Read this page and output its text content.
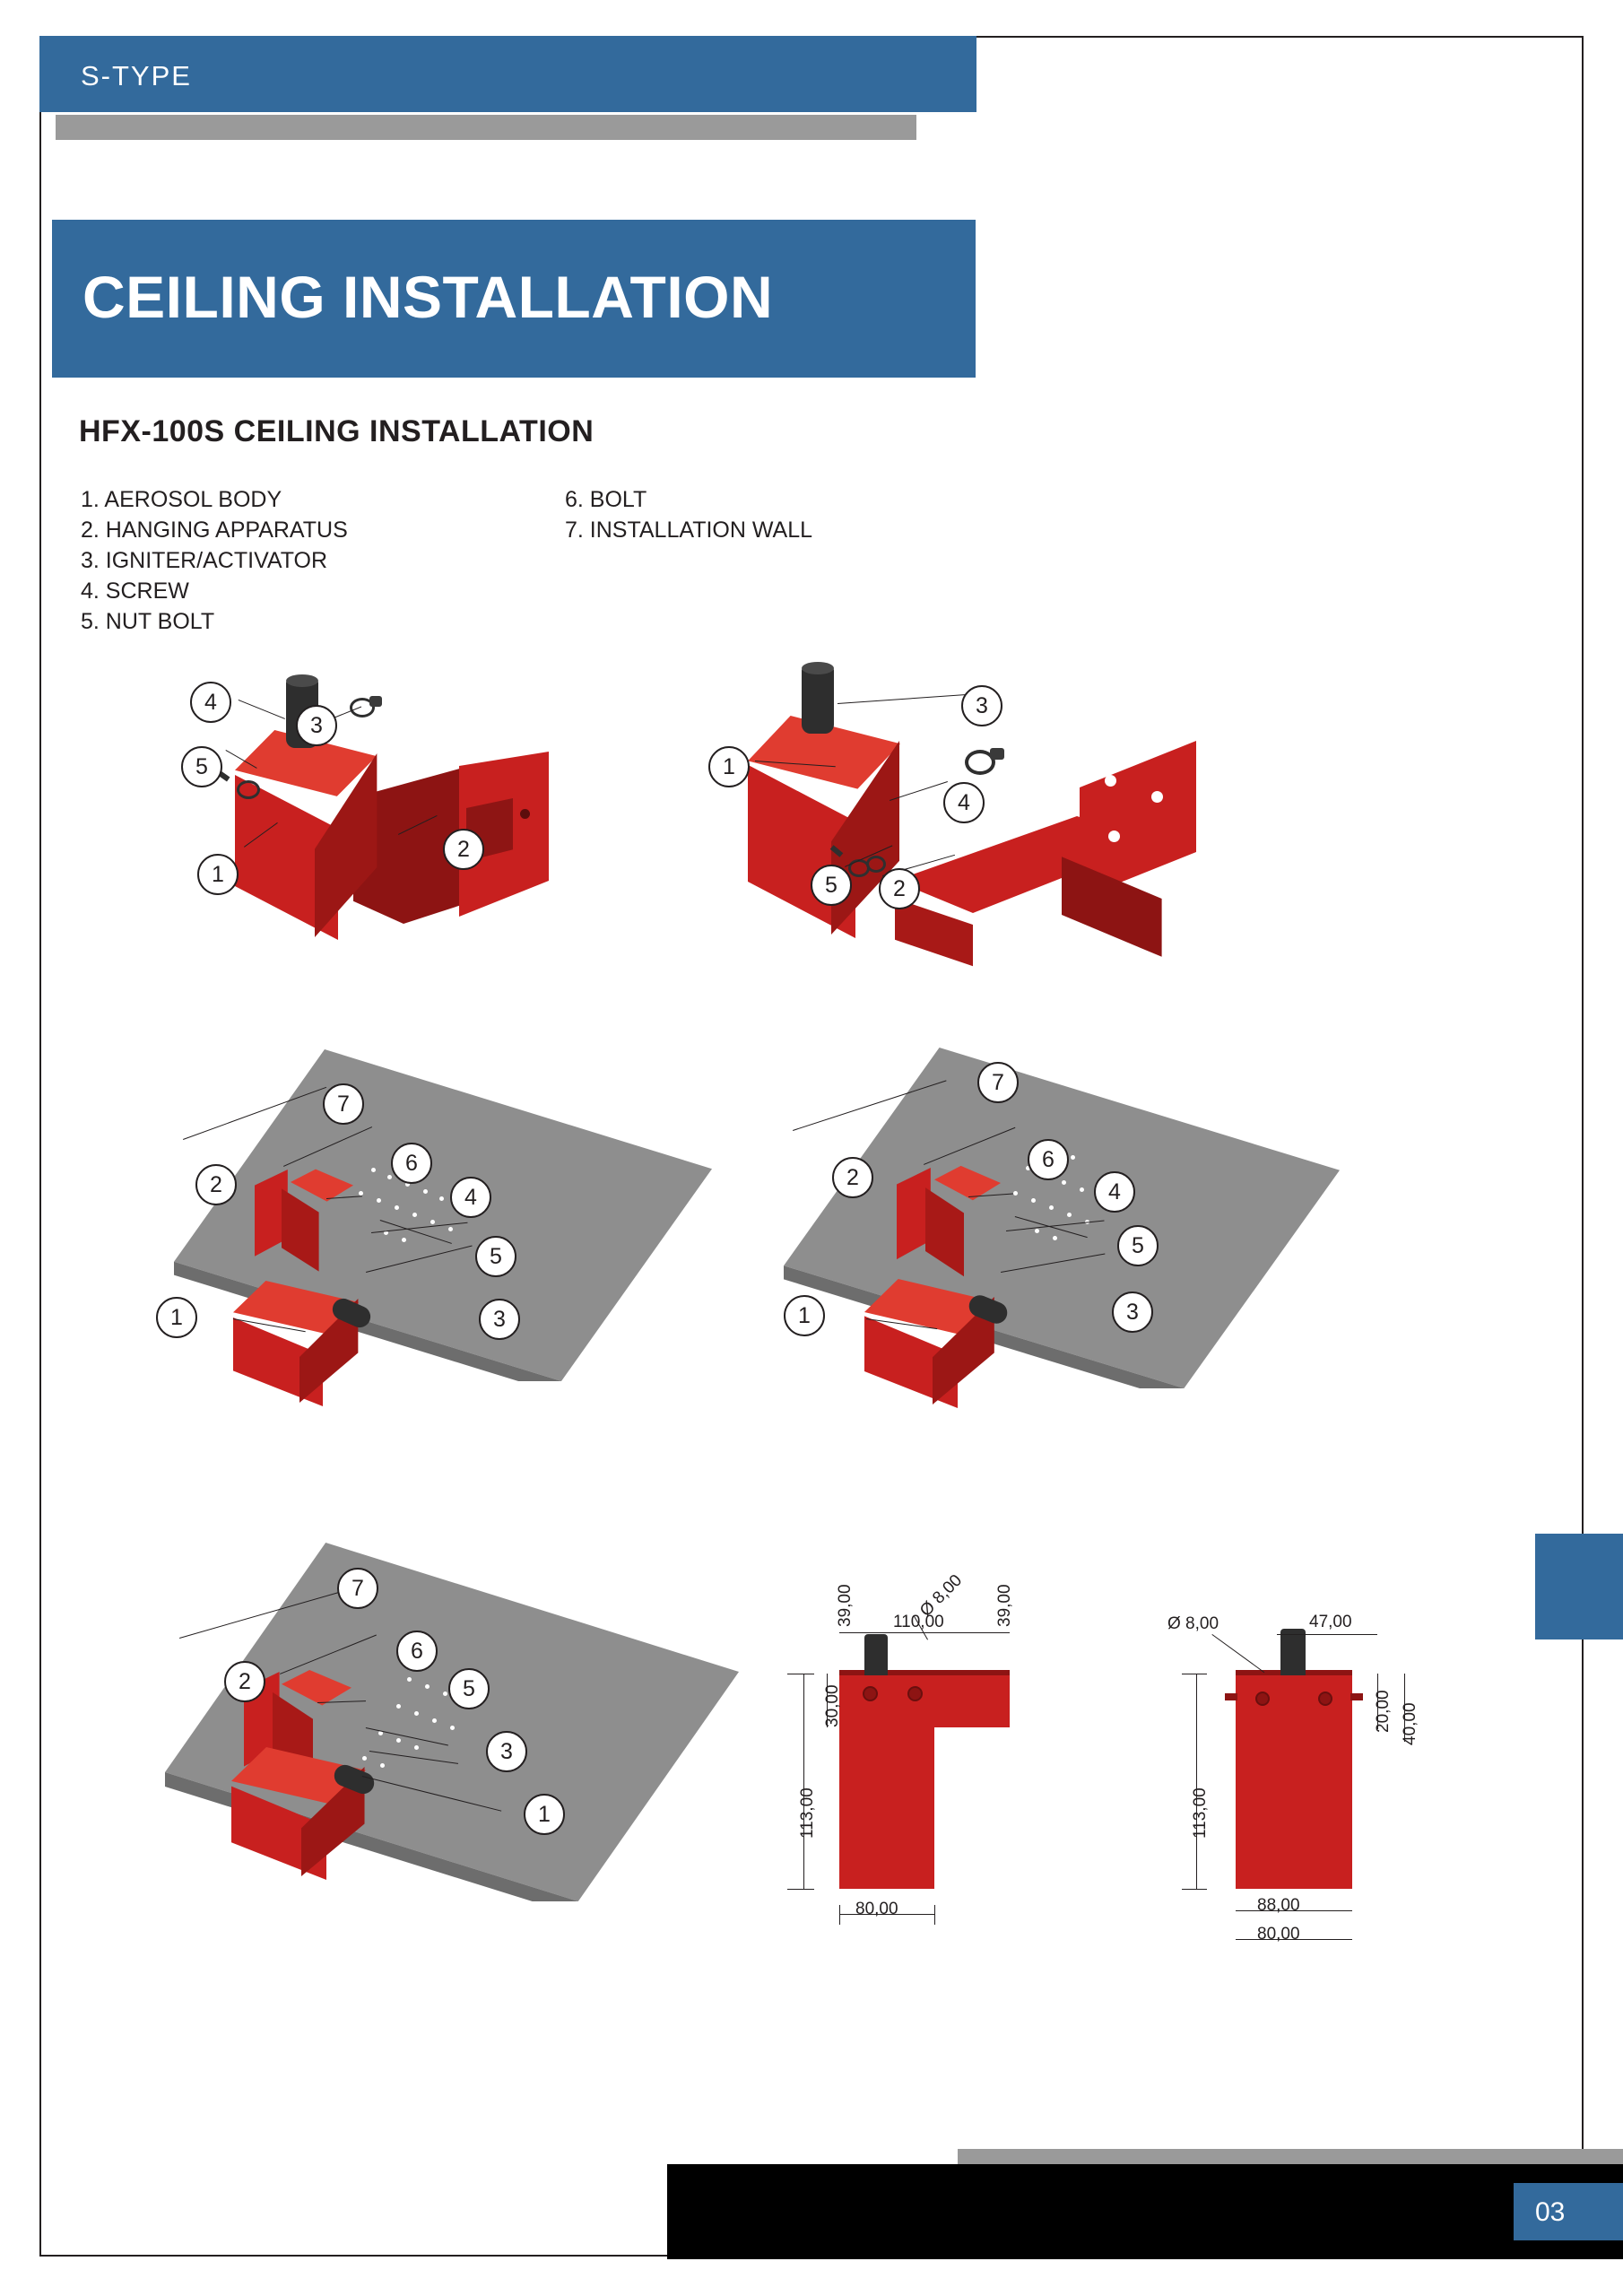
S-TYPE
CEILING INSTALLATION
HFX-100S CEILING INSTALLATION
1. AEROSOL BODY
2. HANGING APPARATUS
3. IGNITER/ACTIVATOR
4. SCREW
5. NUT BOLT
6. BOLT
7. INSTALLATION WALL
4
5
3
2
1
3
1
4
5	2
7
6
2	4
5
1	3
7
6
2
4
5
1	3
7
6
2	5
3
1	113,00
30,00
80,00
110,00
39,00	39,00
Ø 8,00
113,00
20,00 40,00
88,00
80,00
47,00
Ø 8,00
03
